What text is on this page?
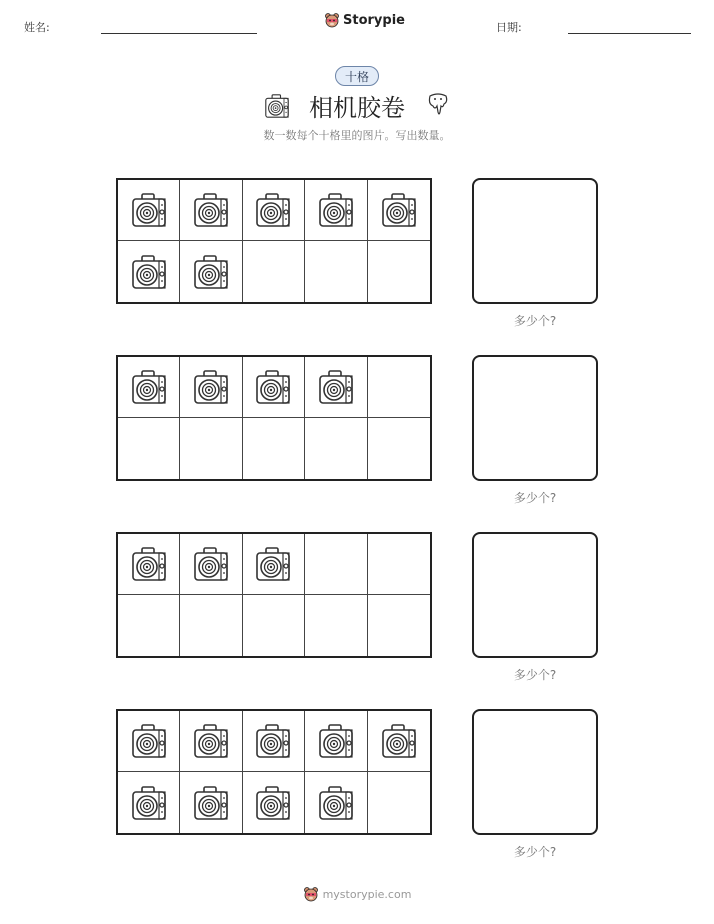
姓名:	Storypie	日期:
十格
相机胶卷
数一数每个十格里的图片。写出数量。
多少个?
多少个?
多少个?
多少个?
mystorypie.com
